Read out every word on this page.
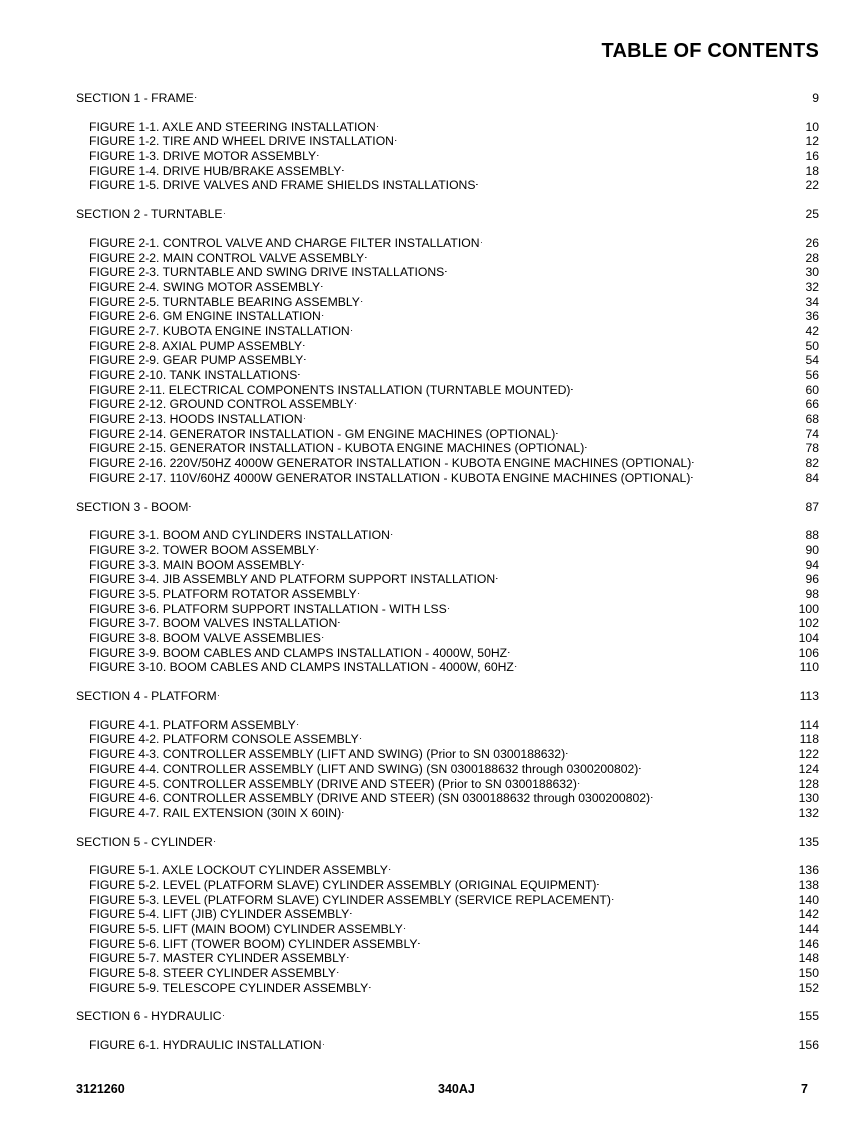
TABLE OF CONTENTS
SECTION 1 - FRAME . . .	9
FIGURE 1-1. AXLE AND STEERING INSTALLATION . . .	10
FIGURE 1-2. TIRE AND WHEEL DRIVE INSTALLATION . . .	12
FIGURE 1-3. DRIVE MOTOR ASSEMBLY . . .	16
FIGURE 1-4. DRIVE HUB/BRAKE ASSEMBLY . . .	18
FIGURE 1-5. DRIVE VALVES AND FRAME SHIELDS INSTALLATIONS . . .	22
SECTION 2 - TURNTABLE . . .	25
FIGURE 2-1. CONTROL VALVE AND CHARGE FILTER INSTALLATION . . .	26
FIGURE 2-2. MAIN CONTROL VALVE ASSEMBLY . . .	28
FIGURE 2-3. TURNTABLE AND SWING DRIVE INSTALLATIONS . . .	30
FIGURE 2-4. SWING MOTOR ASSEMBLY . . .	32
FIGURE 2-5. TURNTABLE BEARING ASSEMBLY . . .	34
FIGURE 2-6. GM ENGINE INSTALLATION . . .	36
FIGURE 2-7. KUBOTA ENGINE INSTALLATION . . .	42
FIGURE 2-8. AXIAL PUMP ASSEMBLY . . .	50
FIGURE 2-9. GEAR PUMP ASSEMBLY . . .	54
FIGURE 2-10. TANK INSTALLATIONS . . .	56
FIGURE 2-11. ELECTRICAL COMPONENTS INSTALLATION (TURNTABLE MOUNTED) . . .	60
FIGURE 2-12. GROUND CONTROL ASSEMBLY . . .	66
FIGURE 2-13. HOODS INSTALLATION . . .	68
FIGURE 2-14. GENERATOR INSTALLATION - GM ENGINE MACHINES (OPTIONAL) . . .	74
FIGURE 2-15. GENERATOR INSTALLATION - KUBOTA ENGINE MACHINES (OPTIONAL) . . .	78
FIGURE 2-16. 220V/50HZ 4000W GENERATOR INSTALLATION - KUBOTA ENGINE MACHINES (OPTIONAL) . . .	82
FIGURE 2-17. 110V/60HZ 4000W GENERATOR INSTALLATION - KUBOTA ENGINE MACHINES (OPTIONAL) . . .	84
SECTION 3 - BOOM . . .	87
FIGURE 3-1. BOOM AND CYLINDERS INSTALLATION . . .	88
FIGURE 3-2. TOWER BOOM ASSEMBLY . . .	90
FIGURE 3-3. MAIN BOOM ASSEMBLY . . .	94
FIGURE 3-4. JIB ASSEMBLY AND PLATFORM SUPPORT INSTALLATION . . .	96
FIGURE 3-5. PLATFORM ROTATOR ASSEMBLY . . .	98
FIGURE 3-6. PLATFORM SUPPORT INSTALLATION - WITH LSS . . .	100
FIGURE 3-7. BOOM VALVES INSTALLATION . . .	102
FIGURE 3-8. BOOM VALVE ASSEMBLIES . . .	104
FIGURE 3-9. BOOM CABLES AND CLAMPS INSTALLATION - 4000W, 50HZ . . .	106
FIGURE 3-10. BOOM CABLES AND CLAMPS INSTALLATION - 4000W, 60HZ . . .	110
SECTION 4 - PLATFORM . . .	113
FIGURE 4-1. PLATFORM ASSEMBLY . . .	114
FIGURE 4-2. PLATFORM CONSOLE ASSEMBLY . . .	118
FIGURE 4-3. CONTROLLER ASSEMBLY (LIFT AND SWING) (Prior to SN 0300188632) . . .	122
FIGURE 4-4. CONTROLLER ASSEMBLY (LIFT AND SWING) (SN 0300188632 through 0300200802) . . .	124
FIGURE 4-5. CONTROLLER ASSEMBLY (DRIVE AND STEER) (Prior to SN 0300188632) . . .	128
FIGURE 4-6. CONTROLLER ASSEMBLY (DRIVE AND STEER) (SN 0300188632 through 0300200802) . . .	130
FIGURE 4-7. RAIL EXTENSION (30IN X 60IN) . . .	132
SECTION 5 - CYLINDER . . .	135
FIGURE 5-1. AXLE LOCKOUT CYLINDER ASSEMBLY . . .	136
FIGURE 5-2. LEVEL (PLATFORM SLAVE) CYLINDER ASSEMBLY (ORIGINAL EQUIPMENT) . . .	138
FIGURE 5-3. LEVEL (PLATFORM SLAVE) CYLINDER ASSEMBLY (SERVICE REPLACEMENT) . . .	140
FIGURE 5-4. LIFT (JIB) CYLINDER ASSEMBLY . . .	142
FIGURE 5-5. LIFT (MAIN BOOM) CYLINDER ASSEMBLY . . .	144
FIGURE 5-6. LIFT (TOWER BOOM) CYLINDER ASSEMBLY . . .	146
FIGURE 5-7. MASTER CYLINDER ASSEMBLY . . .	148
FIGURE 5-8. STEER CYLINDER ASSEMBLY . . .	150
FIGURE 5-9. TELESCOPE CYLINDER ASSEMBLY . . .	152
SECTION 6 - HYDRAULIC . . .	155
FIGURE 6-1. HYDRAULIC INSTALLATION . . .	156
3121260	340AJ	7
